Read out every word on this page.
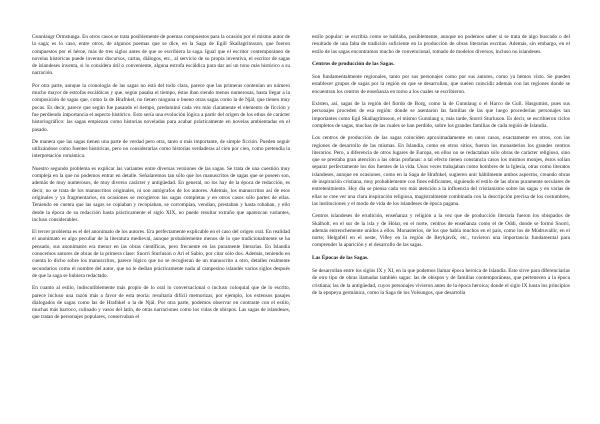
Gunnlaugr Ormstunga. En otros casos se trata posiblemente de poemas compuestos para la ocasión por el mismo autor de la saga; es lo caso, entre otros, de algunos poemas que se dice, en la Saga de Egill Skallagrímsson, que fueron compuestos por el héroe, más de tres siglos antes de que se escribiera la saga. Igual que el escritor contemporáneo de novelas históricas puede inventar discursos, cartas, diálogos, etc., al servicio de su propia inventiva, el escritor de sagas de islandeses inventa, si lo considera útil o conveniente, alguna estrofa escáldica para dar así un tono más histórico a su narración.

Por otra parte, aunque la cronología de las sagas no está del todo clara, parece que las primeras contenían un número mucho mayor de estrofas escáldicas y que, según pasaba el tiempo, éstas iban siendo menos numerosas, hasta llegar a la composición de sagas que, como la de Hrafnkel, no tienen ninguna o bueno otras sagas como la de Njál, que tienen muy pocas. Es decir, parece que según fue pasando el tiempo, predominó cada vez más claramente el elemento de ficción y fue perdiendo importancia el aspecto histórico. Esto sería una evolución lógica a partir del origen de los ethos de carácter historiográfico: las sagas empiezan como historias noveladas para acabar prácticamente en novelas ambientadas en el pasado.

De manera que las sagas tienen una parte de verdad pero otra, tanto o más importante, de simple ficción. Pueden seguir utilizándose como fuentes históricas, pero no considerarlas como historias verdaderas al cien por cien, como pretendía la interpretación romántica.

Nuestro segundo problema es explicar las variantes entre diversas versiones de las sagas. Se trata de una cuestión muy compleja en la que no podemos entrar en detalle. Señalaremos tan sólo que los manuscritos de sagas que se poseen son, además de muy numerosos, de muy diverso carácter y antigüedad. En general, no los hay de la época de redacción, es decir, no se trata de los manuscritos originales, ni son autógrafos de los autores. Además, los manuscritos así de esos originales y ya fragmentarios, en ocasiones se recogieron las sagas completas y en otros casos sólo partes de ellas. Teniendo en cuenta que las sagas se copiaban y recopiaban, se corrompían, vendían, prestaban y hasta robaban, y ello desde la época de su redacción hasta prácticamente el siglo XIX, no puede resultar extraño que aparezcan variantes, incluso considerables.

El tercer problema es el del anonimato de los autores. Era perfectamente explicable en el caso del origen oral. En realidad el anonimato es algo peculiar de la literatura medieval, aunque probablemente menos de lo que tradicionalmente se ha pensado, sus anonimatos era menor en las obras científicas, pero frecuente en las puramente literarias. En Islandia conocemos autores de obras de la primera clase: Snorri Sturluson o Ari el Sabio, por citar sólo dos. Además, teniendo en cuenta lo dicho sobre los manuscritos, parece lógico que no se recogieran de un manuscrito a otro, detalles realmente secundarios como el nombre del autor, que no le dedian prácticamente nada al campesino islandés varios siglos después de que la saga se hubiera redactado.

En cuanto al estilo, indiscutiblemente más propio de lo oral lo conversacional o incluso coloquial que de lo escrito, parece incluso una razón más a favor de esta teoría: resultaría difícil memorizar, por ejemplo, los extensos pasajes dialogados de sagas como las de Hrafnkel o la de Njál. Por otra parte, podemos observar en contraste con el estilo, muchas más barroco, culinado y vasos del latín, de otras narraciones como los vidas de obispos. Las sagas de islandeses, que tratan de personajes populares, conservaban el

estilo popular: se escribía como se hablaba, posiblemente, aunque no podemos saber si se trata de algo buscado o del resultado de una falta de tradición suficiente en la producción de obras literarias escritas. Además, sin embargo, en el estilo de las sagas encontramos mucho de convencional, tomado de modelos diversos, incluso no islandeses.

Centros de producción de las Sagas.

Son fundamentalmente regionales, tanto por sus personajes como por sus autores, como ya hemos visto. Se pueden establecer grupos de sagas por la región en que se desarrollan, que suelen coincidir además con las regiones donde se encuentran los centros de enseñanza en torno a los cuales se escribieron.

Existen, así, sagas de la región del fiordo de Borg, como la de Gunnlaug o el Harco de Gull. Hasgumist, pues sus personajes proceden de esa región: donde se asentaron las familias de las que luego procederían personajes tan importantes como Egil Skallagrímsson, el mismo Gunnlaug o, más tarde, Snorri Sturluson. Es decir, se escribieron ciclos completos de sagas, muchas de las cuales se han perdido, sobre los grandes familias de cada región de Islandia.

Los centros de producción de las sagas coinciden aproximadamente en unos casos, exactamente en otros, con las regiones de desarrollo de las mismas. En Islandia, como en otros sitios, fueron los monasterios los grandes centros literarios. Pero, a diferencia de otros lugares de Europa, en ellos no se redactaban sólo obras de carácter religioso, sino que se prestaba gran atención a las obras profanas: a tal efecto tienen constancia casos los mismos monjes, éstos solían separar perfectamente los dos fuentes de la vida. Unos veces trabajaban como hombres de la Iglesia, otras como literatos islandeses, aunque en ocasiones, como en la Saga de Hrafnkel, sugieren unir hábilmente ambos aspectos, creando obras de inspiración cristiana, muy probablemente con fines edificantes, siguiendo el estilo de las obras puramente seculares de entretenimiento. Hoy día se piensa cada vez más atención a la influencia del cristianismo sobre las sagas y en varias de ellas se cree ver una clara inspiración religiosa, magistralmente combinada con la descripción precisa de los costumbres, las instituciones y el modo de vida de los islandeses de época pagana.

Centros islandeses de erudición, enseñanza y religión a la vez que de producción literaria fueron los obispados de Skálholt, en el sur de la isla y de Hólar, en el norte, centros de enseñanza como el de Oddi, donde se formó Snorri, además entrenchemente unidos a ellos. Monasterios, de los que había muchos en el país, como los de Múdruvallir, en el norte; Helgafell en el oeste, Viðey en la región de Reykjavík, etc., tuvieron una importancia fundamental para comprender la aparición y el desarrollo de las sagas.

Las Épocas de las Sagas.

Se desarrollan entre los siglos IX y XI, en la que podemos llamar época heroica de Islandia. Esto sirve para diferenciarlas de otro tipo de obras llamadas también sagas: las de obispos y de familias contemporáneas, que pertenecen a la época cristiana; las de la antigüedad, cuyos personajes vivieron antes de la época heroica; donde el siglo IX hasta los principios de la epopeya germánica, como la Saga de los Volsungos, que desarrolla
